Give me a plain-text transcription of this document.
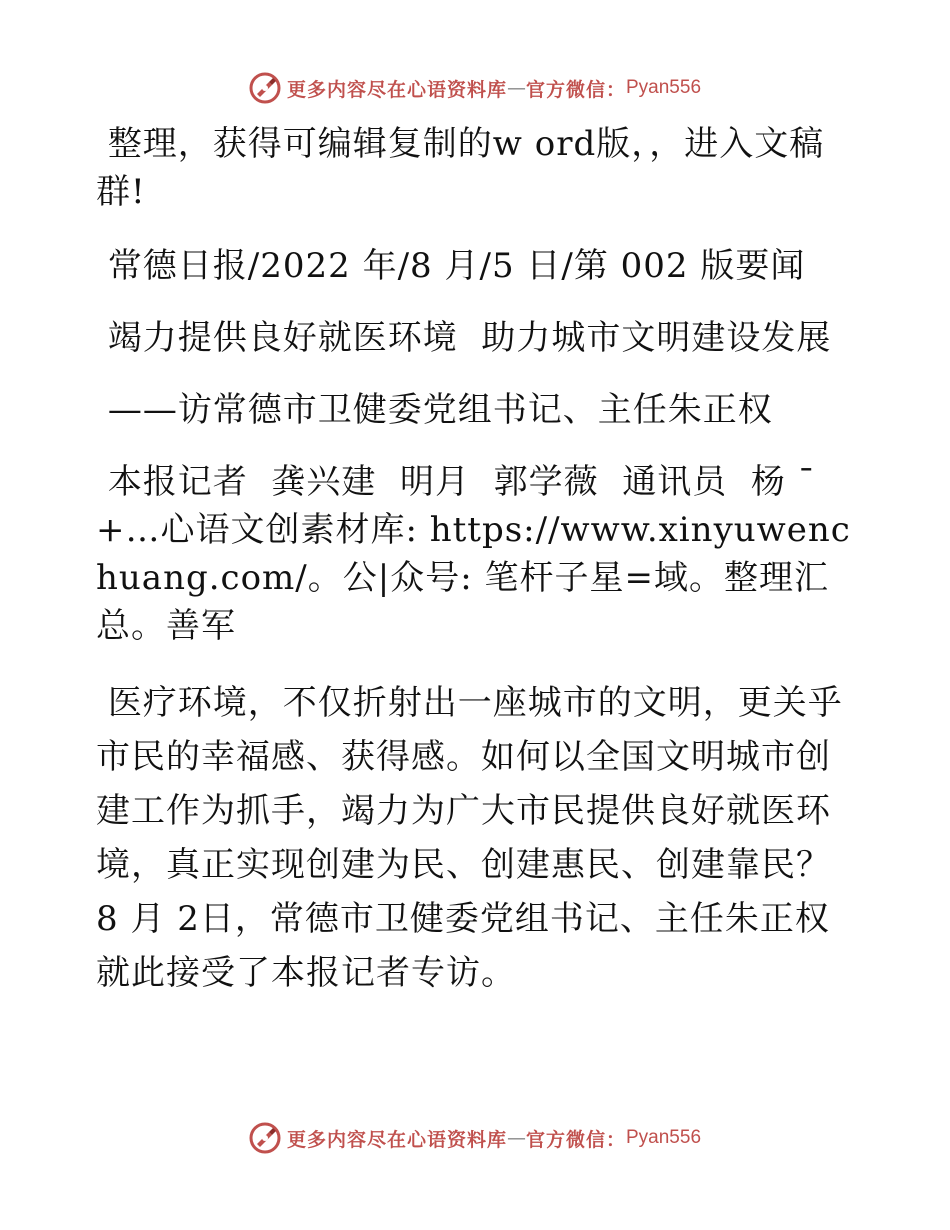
更多内容尽在心语资料库 — 官方微信： Pyan556

整理，获得可编辑复制的w ord版，，进入文稿群!

常德日报/2022 年/8 月/5 日/第 002 版要闻

竭力提供良好就医环境  助力城市文明建设发展

——访常德市卫健委党组书记、主任朱正权

本报记者  龚兴建  明月  郭学薇  通讯员  杨 ¯+…心语文创素材库: https://www.xinyuwenchuang.com/。公|众号: 笔杆子星=域。整理汇总。善军

医疗环境，不仅折射出一座城市的文明，更关乎市民的幸福感、获得感。如何以全国文明城市创建工作为抓手，竭力为广大市民提供良好就医环境，真正实现创建为民、创建惠民、创建靠民？8 月 2日，常德市卫健委党组书记、主任朱正权就此接受了本报记者专访。

更多内容尽在心语资料库 — 官方微信： Pyan556
